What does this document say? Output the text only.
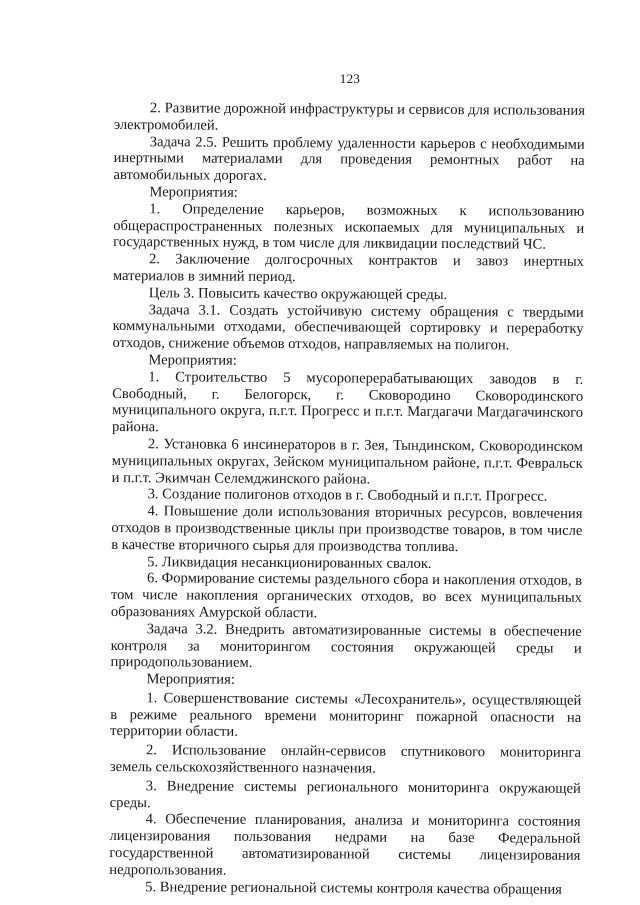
123

2. Развитие дорожной инфраструктуры и сервисов для использования электромобилей.

Задача 2.5. Решить проблему удаленности карьеров с необходимыми инертными материалами для проведения ремонтных работ на автомобильных дорогах.

Мероприятия:

1. Определение карьеров, возможных к использованию общераспространенных полезных ископаемых для муниципальных и государственных нужд, в том числе для ликвидации последствий ЧС.

2. Заключение долгосрочных контрактов и завоз инертных материалов в зимний период.

Цель 3. Повысить качество окружающей среды.

Задача 3.1. Создать устойчивую систему обращения с твердыми коммунальными отходами, обеспечивающей сортировку и переработку отходов, снижение объемов отходов, направляемых на полигон.

Мероприятия:

1. Строительство 5 мусороперерабатывающих заводов в г. Свободный, г. Белогорск, г. Сковородино Сковородинского муниципального округа, п.г.т. Прогресс и п.г.т. Магдагачи Магдагачинского района.

2. Установка 6 инсинераторов в г. Зея, Тындинском, Сковородинском муниципальных округах, Зейском муниципальном районе, п.г.т. Февральск и п.г.т. Экимчан Селемджинского района.

3. Создание полигонов отходов в г. Свободный и п.г.т. Прогресс.

4. Повышение доли использования вторичных ресурсов, вовлечения отходов в производственные циклы при производстве товаров, в том числе в качестве вторичного сырья для производства топлива.

5. Ликвидация несанкционированных свалок.

6. Формирование системы раздельного сбора и накопления отходов, в том числе накопления органических отходов, во всех муниципальных образованиях Амурской области.

Задача 3.2. Внедрить автоматизированные системы в обеспечение контроля за мониторингом состояния окружающей среды и природопользованием.

Мероприятия:

1. Совершенствование системы «Лесохранитель», осуществляющей в режиме реального времени мониторинг пожарной опасности на территории области.

2. Использование онлайн-сервисов спутникового мониторинга земель сельскохозяйственного назначения.

3. Внедрение системы регионального мониторинга окружающей среды.

4. Обеспечение планирования, анализа и мониторинга состояния лицензирования пользования недрами на базе Федеральной государственной автоматизированной системы лицензирования недропользования.

5. Внедрение региональной системы контроля качества обращения
